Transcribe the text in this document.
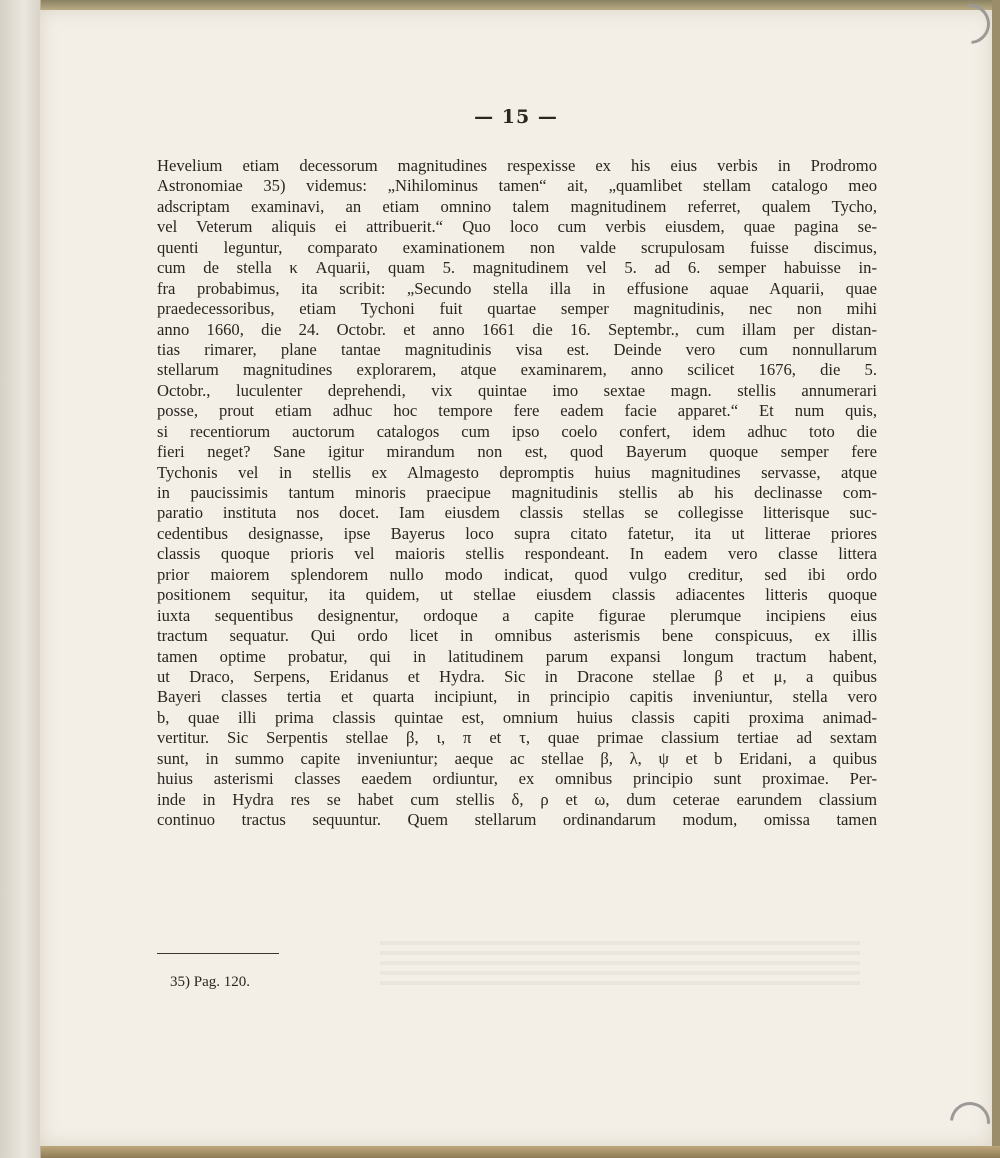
— 15 —
Hevelium etiam decessorum magnitudines respexisse ex his eius verbis in Prodromo
Astronomiae 35) videmus: „Nihilominus tamen“ ait, „quamlibet stellam catalogo meo
adscriptam examinavi, an etiam omnino talem magnitudinem referret, qualem Tycho,
vel Veterum aliquis ei attribuerit.“ Quo loco cum verbis eiusdem, quae pagina se-
quenti leguntur, comparato examinationem non valde scrupulosam fuisse discimus,
cum de stella κ Aquarii, quam 5. magnitudinem vel 5. ad 6. semper habuisse in-
fra probabimus, ita scribit: „Secundo stella illa in effusione aquae Aquarii, quae
praedecessoribus, etiam Tychoni fuit quartae semper magnitudinis, nec non mihi
anno 1660, die 24. Octobr. et anno 1661 die 16. Septembr., cum illam per distan-
tias rimarer, plane tantae magnitudinis visa est. Deinde vero cum nonnullarum
stellarum magnitudines explorarem, atque examinarem, anno scilicet 1676, die 5.
Octobr., luculenter deprehendi, vix quintae imo sextae magn. stellis annumerari
posse, prout etiam adhuc hoc tempore fere eadem facie apparet.“ Et num quis,
si recentiorum auctorum catalogos cum ipso coelo confert, idem adhuc toto die
fieri neget? Sane igitur mirandum non est, quod Bayerum quoque semper fere
Tychonis vel in stellis ex Almagesto depromptis huius magnitudines servasse, atque
in paucissimis tantum minoris praecipue magnitudinis stellis ab his declinasse com-
paratio instituta nos docet. Iam eiusdem classis stellas se collegisse litterisque suc-
cedentibus designasse, ipse Bayerus loco supra citato fatetur, ita ut litterae priores
classis quoque prioris vel maioris stellis respondeant. In eadem vero classe littera
prior maiorem splendorem nullo modo indicat, quod vulgo creditur, sed ibi ordo
positionem sequitur, ita quidem, ut stellae eiusdem classis adiacentes litteris quoque
iuxta sequentibus designentur, ordoque a capite figurae plerumque incipiens eius
tractum sequatur. Qui ordo licet in omnibus asterismis bene conspicuus, ex illis
tamen optime probatur, qui in latitudinem parum expansi longum tractum habent,
ut Draco, Serpens, Eridanus et Hydra. Sic in Dracone stellae β et μ, a quibus
Bayeri classes tertia et quarta incipiunt, in principio capitis inveniuntur, stella vero
b, quae illi prima classis quintae est, omnium huius classis capiti proxima animad-
vertitur. Sic Serpentis stellae β, ι, π et τ, quae primae classium tertiae ad sextam
sunt, in summo capite inveniuntur; aeque ac stellae β, λ, ψ et b Eridani, a quibus
huius asterismi classes eaedem ordiuntur, ex omnibus principio sunt proximae. Per-
inde in Hydra res se habet cum stellis δ, ρ et ω, dum ceterae earundem classium
continuo tractus sequuntur. Quem stellarum ordinandarum modum, omissa tamen
35) Pag. 120.
